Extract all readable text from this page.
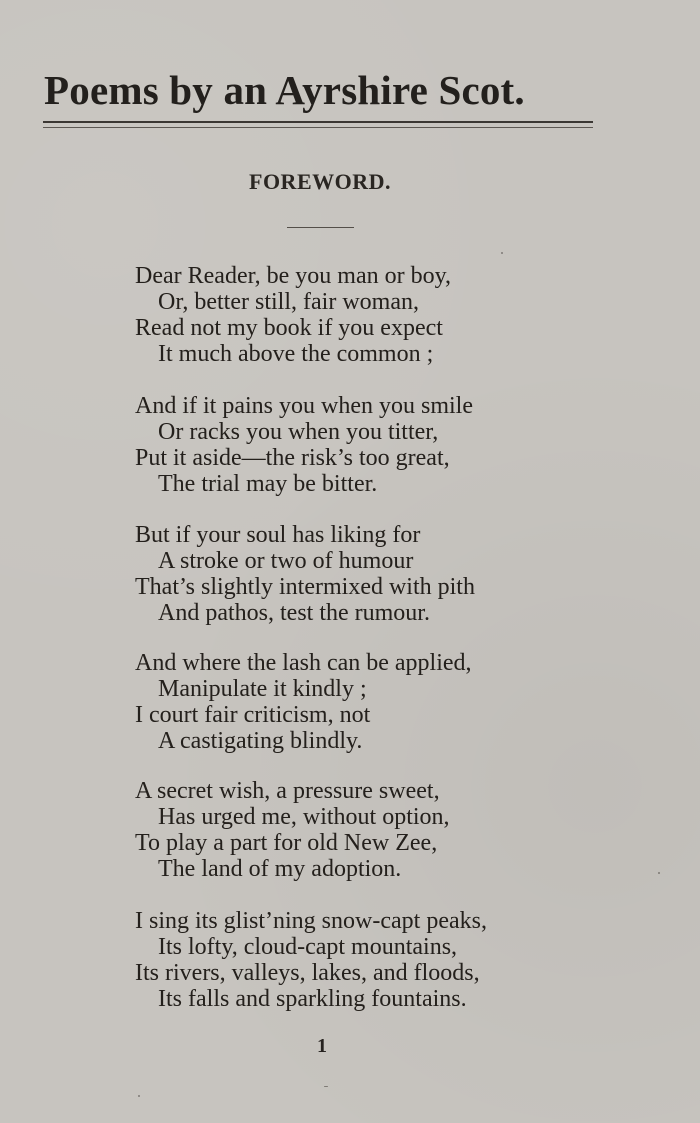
Poems by an Ayrshire Scot.
FOREWORD.

Dear Reader, be you man or boy,

Or, better still, fair woman,

Read not my book if you expect

It much above the common ;

And if it pains you when you smile

Or racks you when you titter,

Put it aside—the risk’s too great,

The trial may be bitter.

But if your soul has liking for

A stroke or two of humour

That’s slightly intermixed with pith

And pathos, test the rumour.

And where the lash can be applied,

Manipulate it kindly ;

I court fair criticism, not

A castigating blindly.

A secret wish, a pressure sweet,

Has urged me, without option,

To play a part for old New Zee,

The land of my adoption.

I sing its glist’ning snow-capt peaks,

Its lofty, cloud-capt mountains,

Its rivers, valleys, lakes, and floods,

Its falls and sparkling fountains.

1
